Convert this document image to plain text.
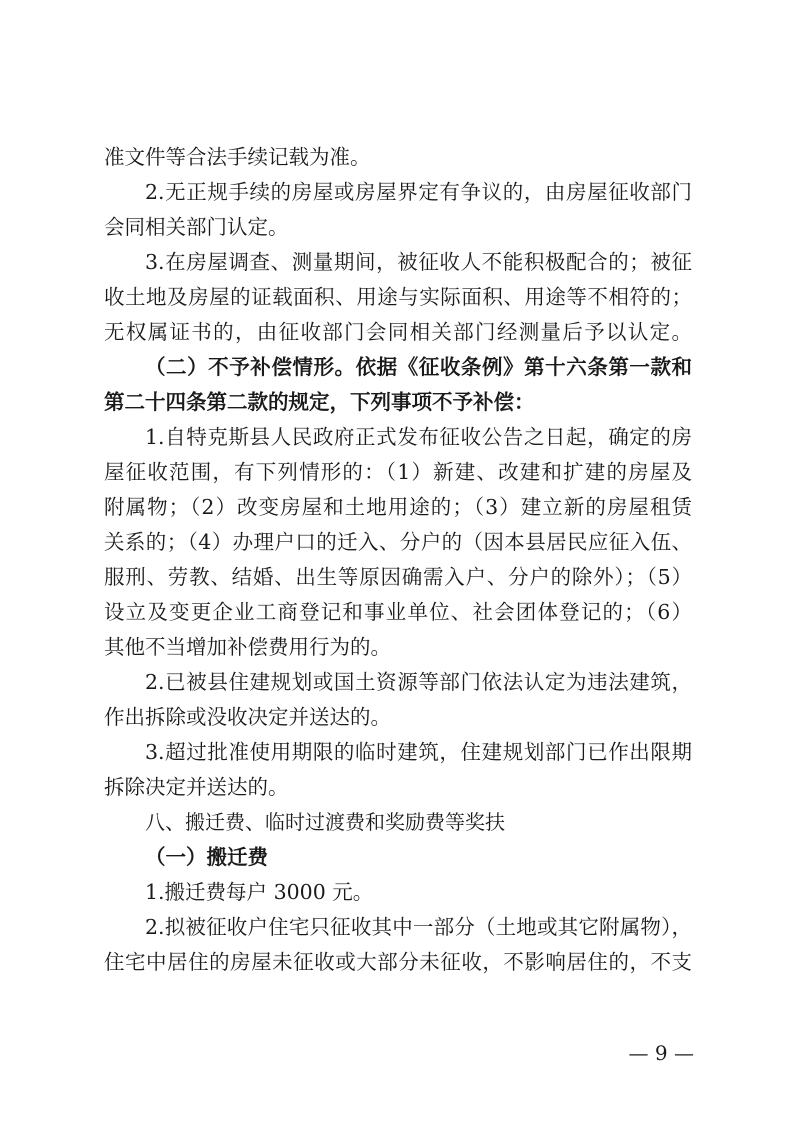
准文件等合法手续记载为准。
2.无正规手续的房屋或房屋界定有争议的，由房屋征收部门
会同相关部门认定。
3.在房屋调查、测量期间，被征收人不能积极配合的；被征
收土地及房屋的证载面积、用途与实际面积、用途等不相符的；
无权属证书的，由征收部门会同相关部门经测量后予以认定。
（二）不予补偿情形。依据《征收条例》第十六条第一款和
第二十四条第二款的规定，下列事项不予补偿：
1.自特克斯县人民政府正式发布征收公告之日起，确定的房
屋征收范围，有下列情形的：（1）新建、改建和扩建的房屋及
附属物；（2）改变房屋和土地用途的；（3）建立新的房屋租赁
关系的；（4）办理户口的迁入、分户的（因本县居民应征入伍、
服刑、劳教、结婚、出生等原因确需入户、分户的除外）；（5）
设立及变更企业工商登记和事业单位、社会团体登记的；（6）
其他不当增加补偿费用行为的。
2.已被县住建规划或国土资源等部门依法认定为违法建筑，
作出拆除或没收决定并送达的。
3.超过批准使用期限的临时建筑，住建规划部门已作出限期
拆除决定并送达的。
八、搬迁费、临时过渡费和奖励费等奖扶
（一）搬迁费
1.搬迁费每户 3000 元。
2.拟被征收户住宅只征收其中一部分（土地或其它附属物），
住宅中居住的房屋未征收或大部分未征收，不影响居住的，不支
— 9 —
